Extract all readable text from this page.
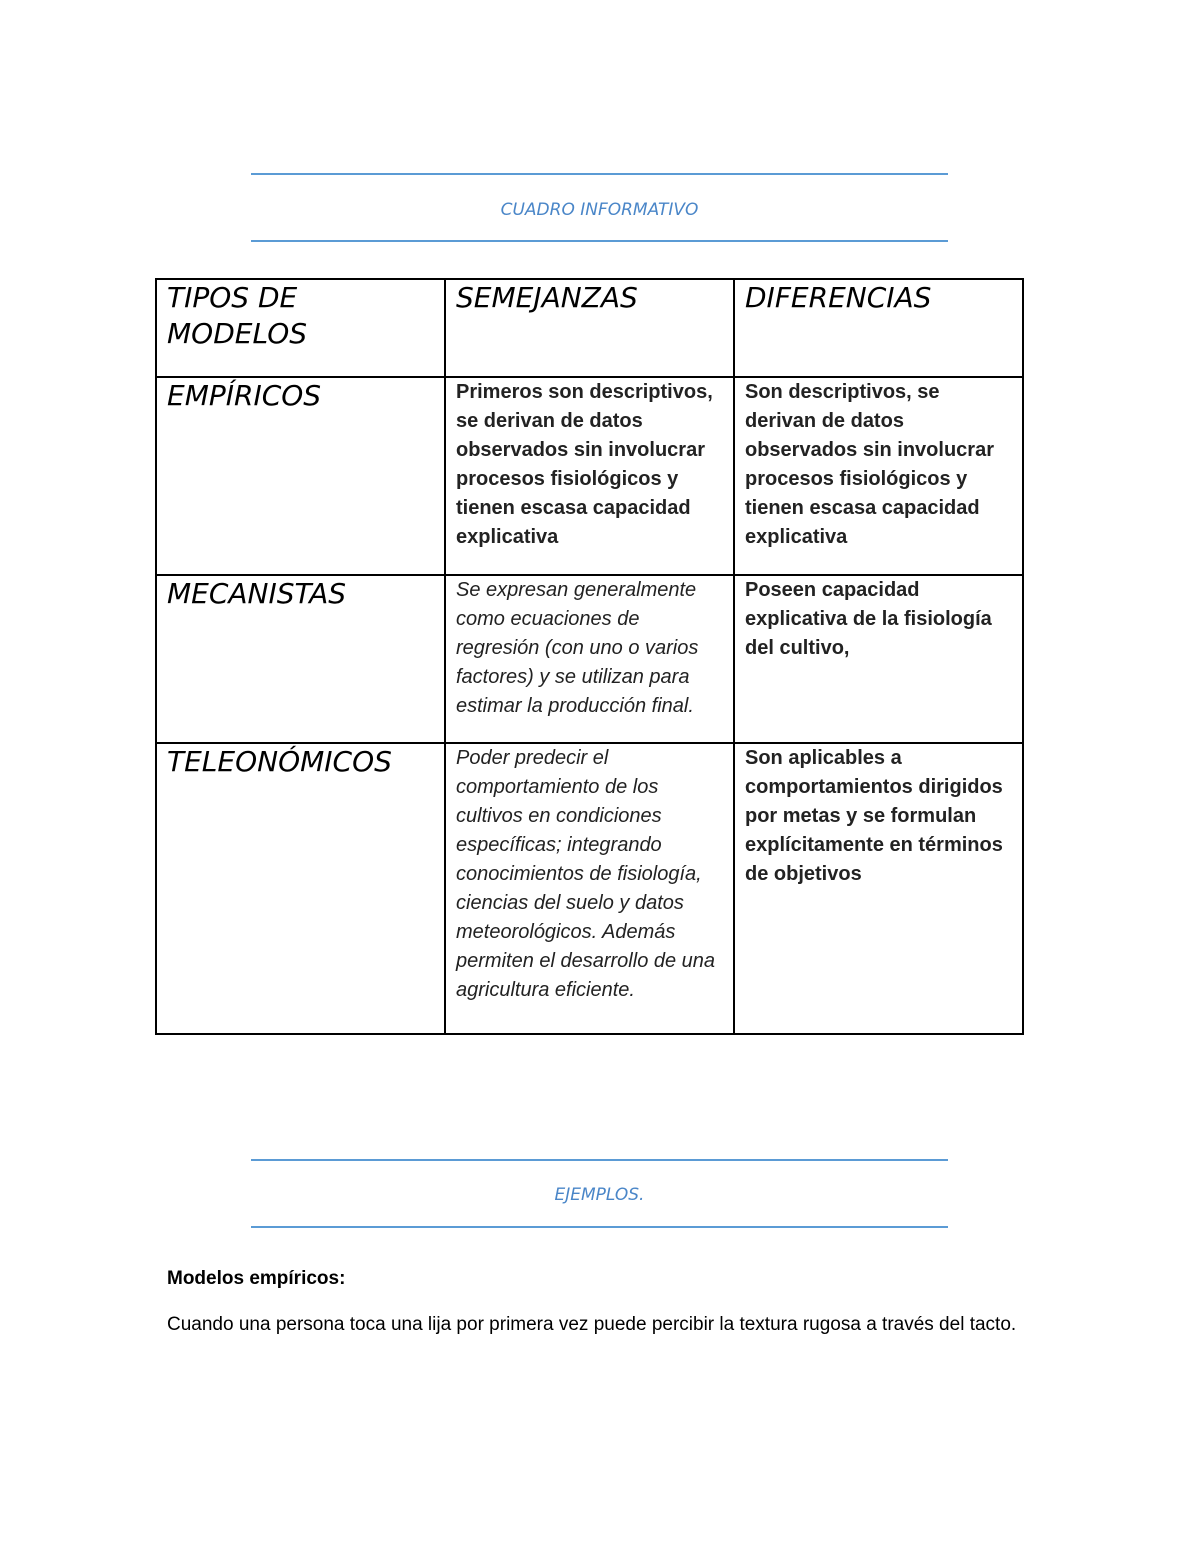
CUADRO INFORMATIVO
TIPOS DE MODELOS	SEMEJANZAS	DIFERENCIAS
EMPÍRICOS	Primeros son descriptivos, se derivan de datos observados sin involucrar procesos fisiológicos y tienen escasa capacidad explicativa	Son descriptivos, se derivan de datos observados sin involucrar procesos fisiológicos y tienen escasa capacidad explicativa
MECANISTAS	Se expresan generalmente como ecuaciones de regresión (con uno o varios factores) y se utilizan para estimar la producción final.	Poseen capacidad explicativa de la fisiología del cultivo,
TELEONÓMICOS	Poder predecir el comportamiento de los cultivos en condiciones específicas; integrando conocimientos de fisiología, ciencias del suelo y datos meteorológicos. Además permiten el desarrollo de una agricultura eficiente.	Son aplicables a comportamientos dirigidos por metas y se formulan explícitamente en términos de objetivos
EJEMPLOS.
Modelos empíricos:
Cuando una persona toca una lija por primera vez puede percibir la textura rugosa a través del tacto.
